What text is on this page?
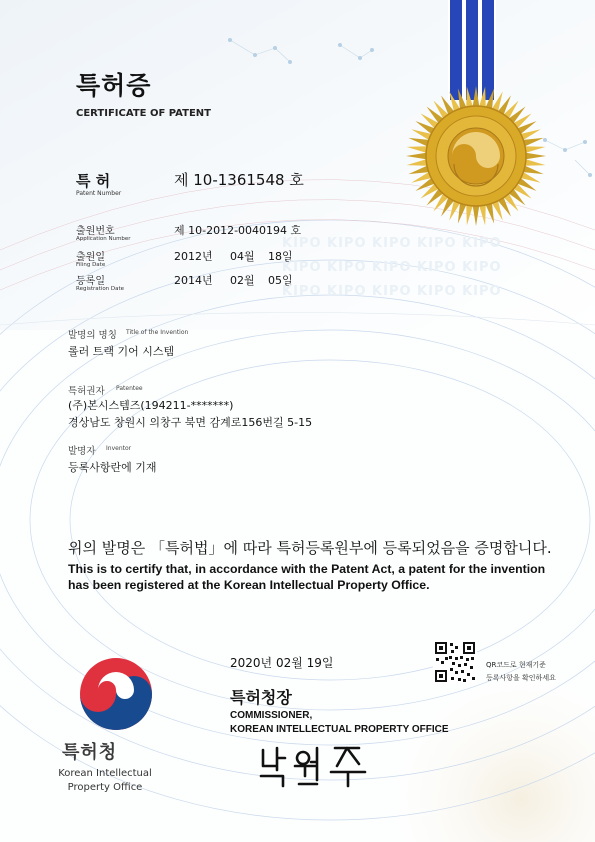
특허증
CERTIFICATE OF PATENT
특 허
Patent Number
제 10-1361548 호
출원번호
Application Number
제 10-2012-0040194 호
출원일
Filing Date
2012년 04월 18일
등록일
Registration Date
2014년 02월 05일
KIPO KIPO KIPO KIPO KIPO
KIPO KIPO KIPO KIPO KIPO
KIPO KIPO KIPO KIPO KIPO
발명의 명칭 Title of the Invention
롤러 트랙 기어 시스템
특허권자 Patentee
(주)본시스템즈(194211-*******)
경상남도 창원시 의창구 북면 감계로156번길 5-15
발명자 Inventor
등록사항란에 기재
위의 발명은 「특허법」에 따라 특허등록원부에 등록되었음을 증명합니다.
This is to certify that, in accordance with the Patent Act, a patent for the invention
has been registered at the Korean Intellectual Property Office.
QR코드로 현재기준
등록사항을 확인하세요
2020년 02월 19일
특허청장
COMMISSIONER,
KOREAN INTELLECTUAL PROPERTY OFFICE
특허청
Korean Intellectual
Property Office
